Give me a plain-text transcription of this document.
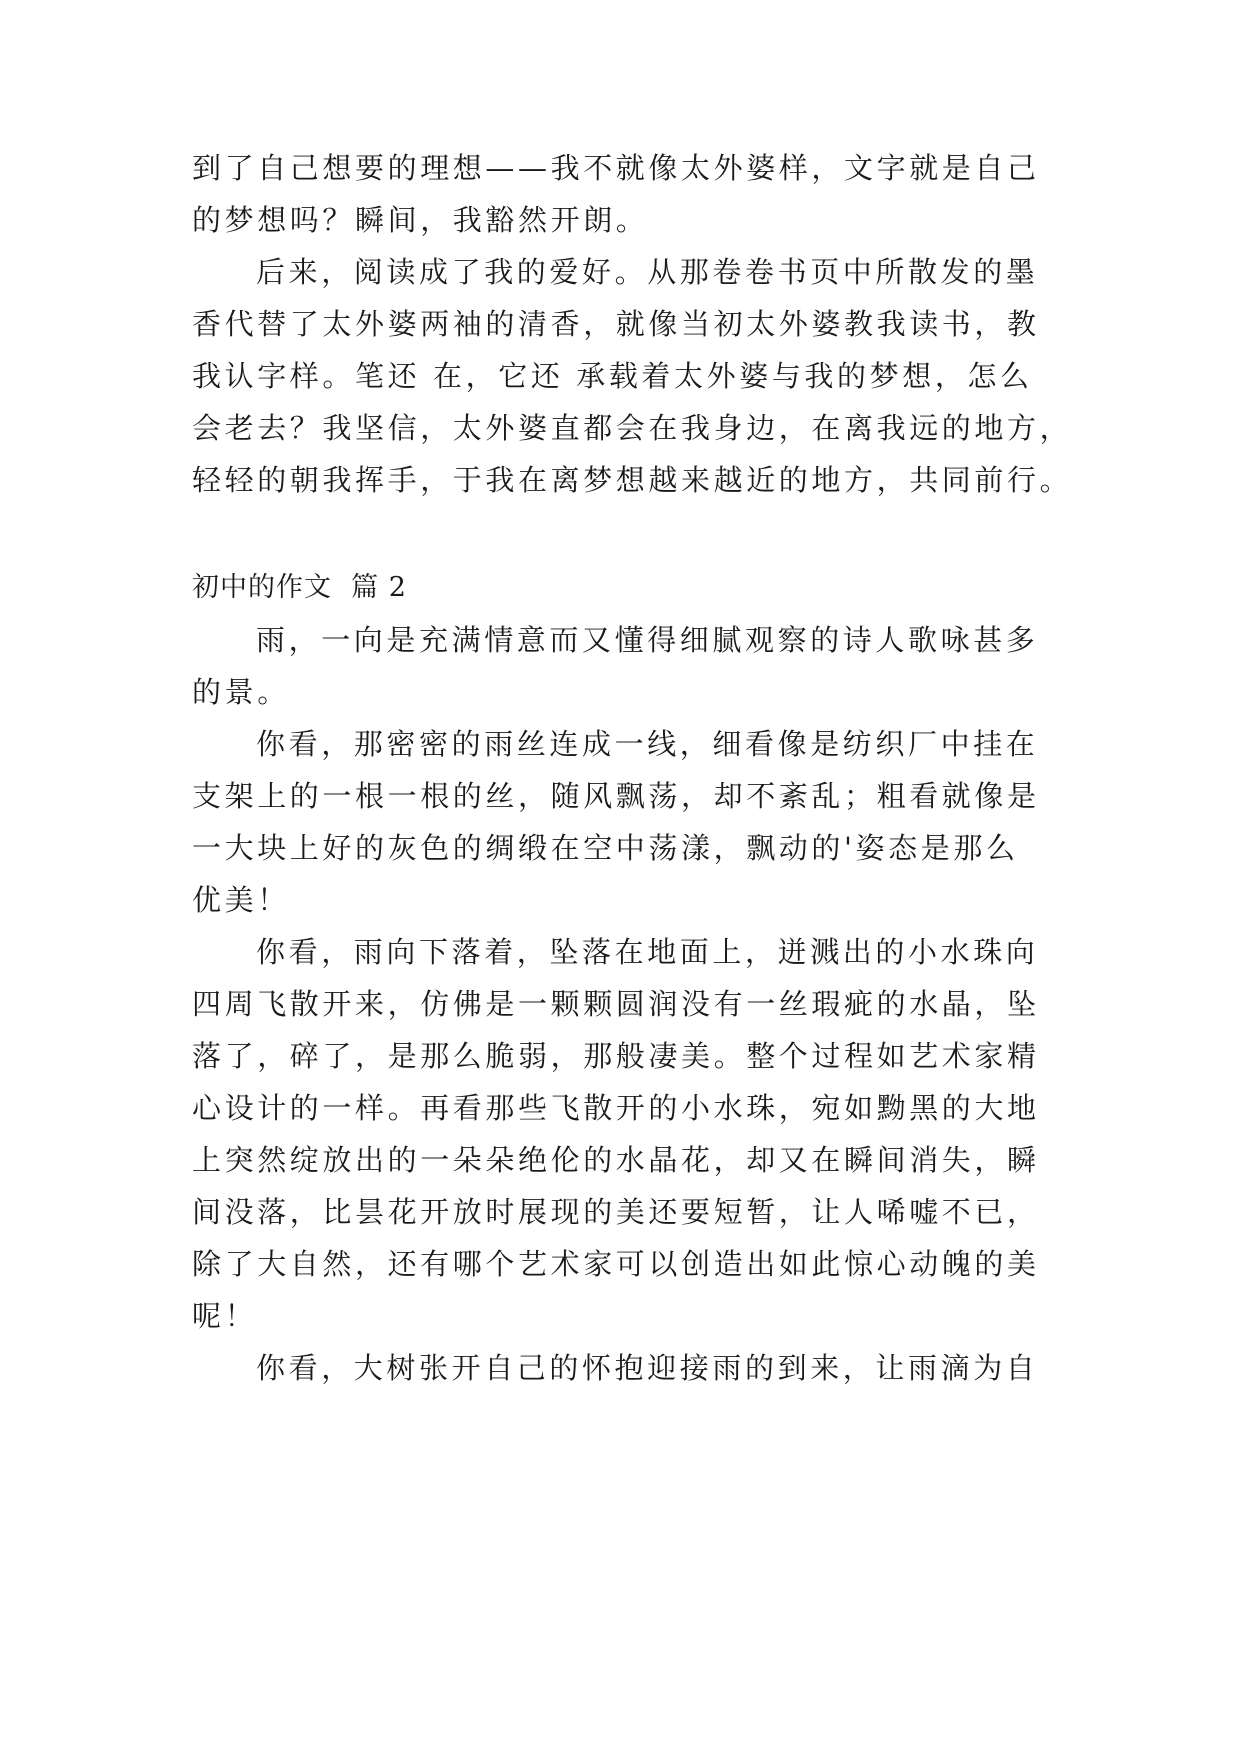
到了自己想要的理想——我不就像太外婆样，文字就是自己
的梦想吗？瞬间，我豁然开朗。
后来，阅读成了我的爱好。从那卷卷书页中所散发的墨
香代替了太外婆两袖的清香，就像当初太外婆教我读书，教
我认字样。笔还 在，它还 承载着太外婆与我的梦想，怎么
会老去？我坚信，太外婆直都会在我身边，在离我远的地方，
轻轻的朝我挥手，于我在离梦想越来越近的地方，共同前行。
初中的作文  篇 2
雨，一向是充满情意而又懂得细腻观察的诗人歌咏甚多
的景。
你看，那密密的雨丝连成一线，细看像是纺织厂中挂在
支架上的一根一根的丝，随风飘荡，却不紊乱；粗看就像是
一大块上好的灰色的绸缎在空中荡漾，飘动的'姿态是那么
优美！
你看，雨向下落着，坠落在地面上，迸溅出的小水珠向
四周飞散开来，仿佛是一颗颗圆润没有一丝瑕疵的水晶，坠
落了，碎了，是那么脆弱，那般凄美。整个过程如艺术家精
心设计的一样。再看那些飞散开的小水珠，宛如黝黑的大地
上突然绽放出的一朵朵绝伦的水晶花，却又在瞬间消失，瞬
间没落，比昙花开放时展现的美还要短暂，让人唏嘘不已，
除了大自然，还有哪个艺术家可以创造出如此惊心动魄的美
呢！
你看，大树张开自己的怀抱迎接雨的到来，让雨滴为自
